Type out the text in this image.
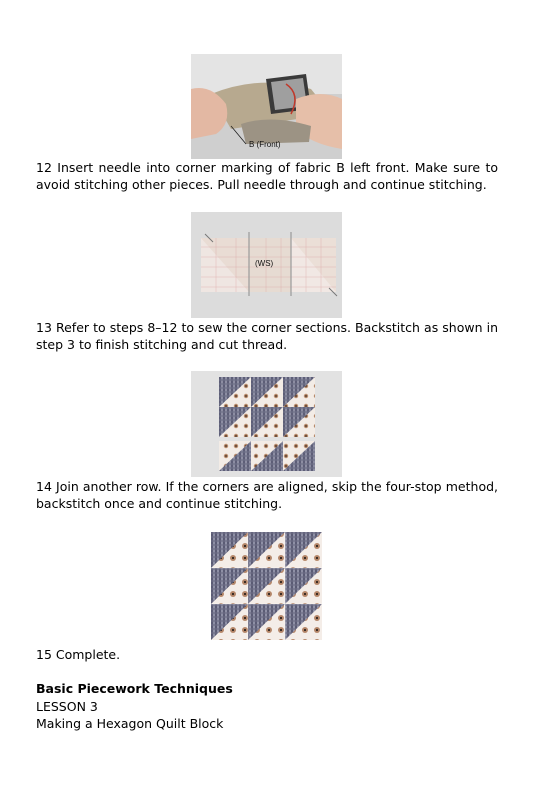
B (Front)

12 Insert needle into corner marking of fabric B left front. Make sure to avoid stitching other pieces. Pull needle through and continue stitching.

(WS)

13 Refer to steps 8–12 to sew the corner sections. Backstitch as shown in step 3 to finish stitching and cut thread.

14 Join another row. If the corners are aligned, skip the four-stop method, backstitch once and continue stitching.

15 Complete.

Basic Piecework Techniques

LESSON 3

Making a Hexagon Quilt Block
